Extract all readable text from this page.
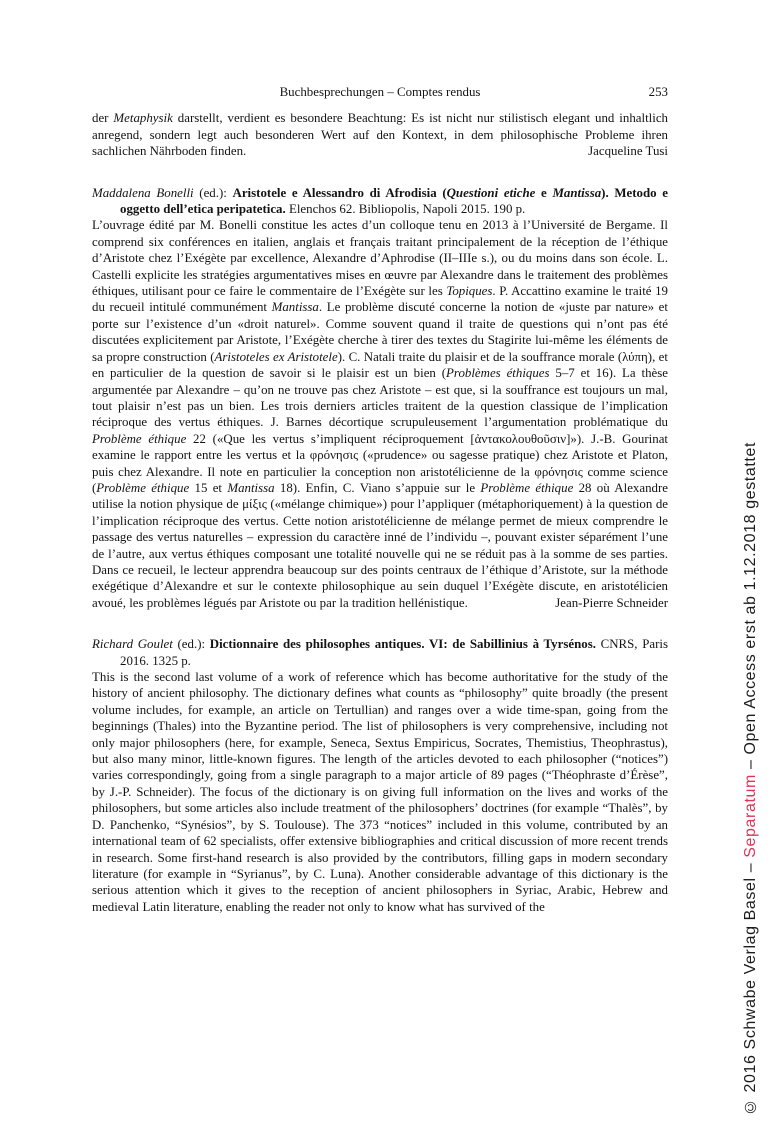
Buchbesprechungen – Comptes rendus	253

der Metaphysik darstellt, verdient es besondere Beachtung: Es ist nicht nur stilistisch elegant und inhaltlich anregend, sondern legt auch besonderen Wert auf den Kontext, in dem philosophische Probleme ihren sachlichen Nährboden finden.	Jacqueline Tusi

Maddalena Bonelli (ed.): Aristotele e Alessandro di Afrodisia (Questioni etiche e Mantissa). Metodo e oggetto dell’etica peripatetica. Elenchos 62. Bibliopolis, Napoli 2015. 190 p.

L’ouvrage édité par M. Bonelli constitue les actes d’un colloque tenu en 2013 à l’Université de Bergame. Il comprend six conférences en italien, anglais et français traitant principalement de la réception de l’éthique d’Aristote chez l’Exégète par excellence, Alexandre d’Aphrodise (II–IIIe s.), ou du moins dans son école. L. Castelli explicite les stratégies argumentatives mises en œuvre par Alexandre dans le traitement des problèmes éthiques, utilisant pour ce faire le commentaire de l’Exégète sur les Topiques. P. Accattino examine le traité 19 du recueil intitulé communément Mantissa. Le problème discuté concerne la notion de «juste par nature» et porte sur l’existence d’un «droit naturel». Comme souvent quand il traite de questions qui n’ont pas été discutées explicitement par Aristote, l’Exégète cherche à tirer des textes du Stagirite lui-même les éléments de sa propre construction (Aristoteles ex Aristotele). C. Natali traite du plaisir et de la souffrance morale (λύπη), et en particulier de la question de savoir si le plaisir est un bien (Problèmes éthiques 5–7 et 16). La thèse argumentée par Alexandre – qu’on ne trouve pas chez Aristote – est que, si la souffrance est toujours un mal, tout plaisir n’est pas un bien. Les trois derniers articles traitent de la question classique de l’implication réciproque des vertus éthiques. J. Barnes décortique scrupuleusement l’argumentation problématique du Problème éthique 22 («Que les vertus s’impliquent réciproquement [ἀντακολουθοῦσιν]»). J.-B. Gourinat examine le rapport entre les vertus et la φρόνησις («prudence» ou sagesse pratique) chez Aristote et Platon, puis chez Alexandre. Il note en particulier la conception non aristotélicienne de la φρόνησις comme science (Problème éthique 15 et Mantissa 18). Enfin, C. Viano s’appuie sur le Problème éthique 28 où Alexandre utilise la notion physique de μίξις («mélange chimique») pour l’appliquer (métaphoriquement) à la question de l’implication réciproque des vertus. Cette notion aristotélicienne de mélange permet de mieux comprendre le passage des vertus naturelles – expression du caractère inné de l’individu –, pouvant exister séparément l’une de l’autre, aux vertus éthiques composant une totalité nouvelle qui ne se réduit pas à la somme de ses parties. Dans ce recueil, le lecteur apprendra beaucoup sur des points centraux de l’éthique d’Aristote, sur la méthode exégétique d’Alexandre et sur le contexte philosophique au sein duquel l’Exégète discute, en aristotélicien avoué, les problèmes légués par Aristote ou par la tradition hellénistique.	Jean-Pierre Schneider

Richard Goulet (ed.): Dictionnaire des philosophes antiques. VI: de Sabillinius à Tyrsénos. CNRS, Paris 2016. 1325 p.

This is the second last volume of a work of reference which has become authoritative for the study of the history of ancient philosophy. The dictionary defines what counts as “philosophy” quite broadly (the present volume includes, for example, an article on Tertullian) and ranges over a wide time-span, going from the beginnings (Thales) into the Byzantine period. The list of philosophers is very comprehensive, including not only major philosophers (here, for example, Seneca, Sextus Empiricus, Socrates, Themistius, Theophrastus), but also many minor, little-known figures. The length of the articles devoted to each philosopher (“notices”) varies correspondingly, going from a single paragraph to a major article of 89 pages (“Théophraste d’Érèse”, by J.-P. Schneider). The focus of the dictionary is on giving full information on the lives and works of the philosophers, but some articles also include treatment of the philosophers’ doctrines (for example “Thalès”, by D. Panchenko, “Synésios”, by S. Toulouse). The 373 “notices” included in this volume, contributed by an international team of 62 specialists, offer extensive bibliographies and critical discussion of more recent trends in research. Some first-hand research is also provided by the contributors, filling gaps in modern secondary literature (for example in “Syrianus”, by C. Luna). Another considerable advantage of this dictionary is the serious attention which it gives to the reception of ancient philosophers in Syriac, Arabic, Hebrew and medieval Latin literature, enabling the reader not only to know what has survived of the	© 2016 Schwabe Verlag Basel – Separatum – Open Access erst ab 1.12.2018 gestattet
